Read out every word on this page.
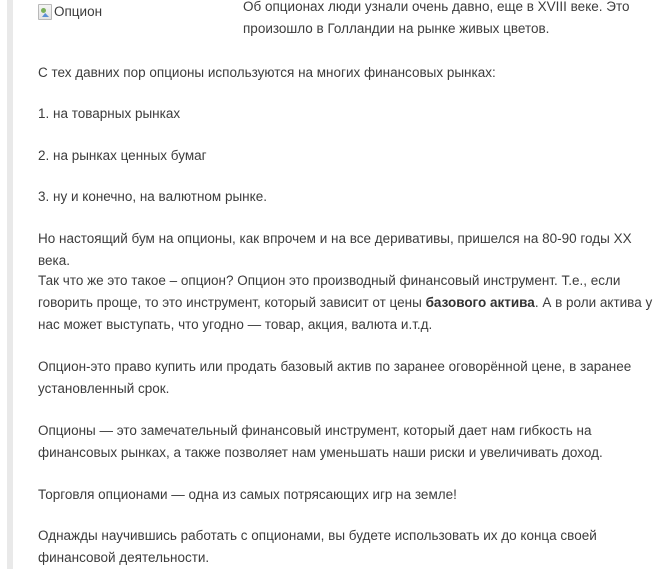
Опцион	Об опционах люди узнали очень давно, еще в XVIII веке. Это произошло в Голландии на рынке живых цветов.

С тех давних пор опционы используются на многих финансовых рынках:

1. на товарных рынках

2. на рынках ценных бумаг

3. ну и конечно, на валютном рынке.

Но настоящий бум на опционы, как впрочем и на все деривативы, пришелся на 80-90 годы XX века.

Так что же это такое – опцион? Опцион это производный финансовый инструмент. Т.е., если говорить проще, то это инструмент, который зависит от цены базового актива. А в роли актива у нас может выступать, что угодно — товар, акция, валюта и.т.д.

Опцион-это право купить или продать базовый актив по заранее оговорённой цене, в заранее установленный срок.

Опционы — это замечательный финансовый инструмент, который дает нам гибкость на финансовых рынках, а также позволяет нам уменьшать наши риски и увеличивать доход.

Торговля опционами — одна из самых потрясающих игр на земле!

Однажды научившись работать с опционами, вы будете использовать их до конца своей финансовой деятельности.
